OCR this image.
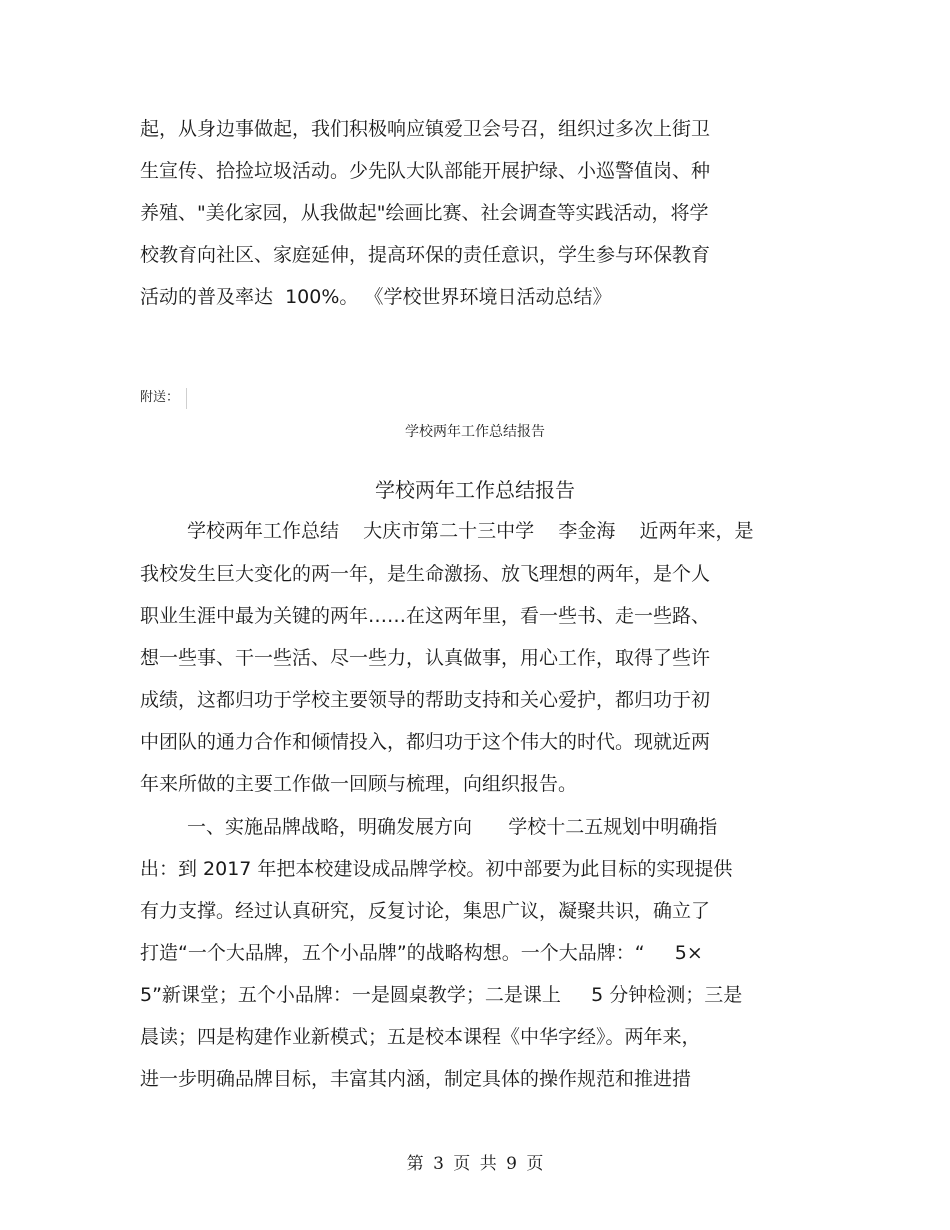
起，从身边事做起，我们积极响应镇爱卫会号召，组织过多次上街卫
生宣传、拾捡垃圾活动。少先队大队部能开展护绿、小巡警值岗、种
养殖、"美化家园，从我做起"绘画比赛、社会调查等实践活动，将学
校教育向社区、家庭延伸，提高环保的责任意识，学生参与环保教育
活动的普及率达  100%。 《学校世界环境日活动总结》
附送：
学校两年工作总结报告
学校两年工作总结报告
学校两年工作总结    大庆市第二十三中学    李金海    近两年来，是
我校发生巨大变化的两一年，是生命激扬、放飞理想的两年，是个人
职业生涯中最为关键的两年……在这两年里，看一些书、走一些路、
想一些事、干一些活、尽一些力，认真做事，用心工作，取得了些许
成绩，这都归功于学校主要领导的帮助支持和关心爱护，都归功于初
中团队的通力合作和倾情投入，都归功于这个伟大的时代。现就近两
年来所做的主要工作做一回顾与梳理，向组织报告。
一、实施品牌战略，明确发展方向      学校十二五规划中明确指
出：到 2017 年把本校建设成品牌学校。初中部要为此目标的实现提供
有力支撑。经过认真研究，反复讨论，集思广议，凝聚共识，确立了
打造“一个大品牌，五个小品牌”的战略构想。一个大品牌：“     5×
5”新课堂；五个小品牌：一是圆桌教学；二是课上     5 分钟检测；三是
晨读；四是构建作业新模式；五是校本课程《中华字经》。两年来，
进一步明确品牌目标，丰富其内涵，制定具体的操作规范和推进措
第 3 页 共 9 页
